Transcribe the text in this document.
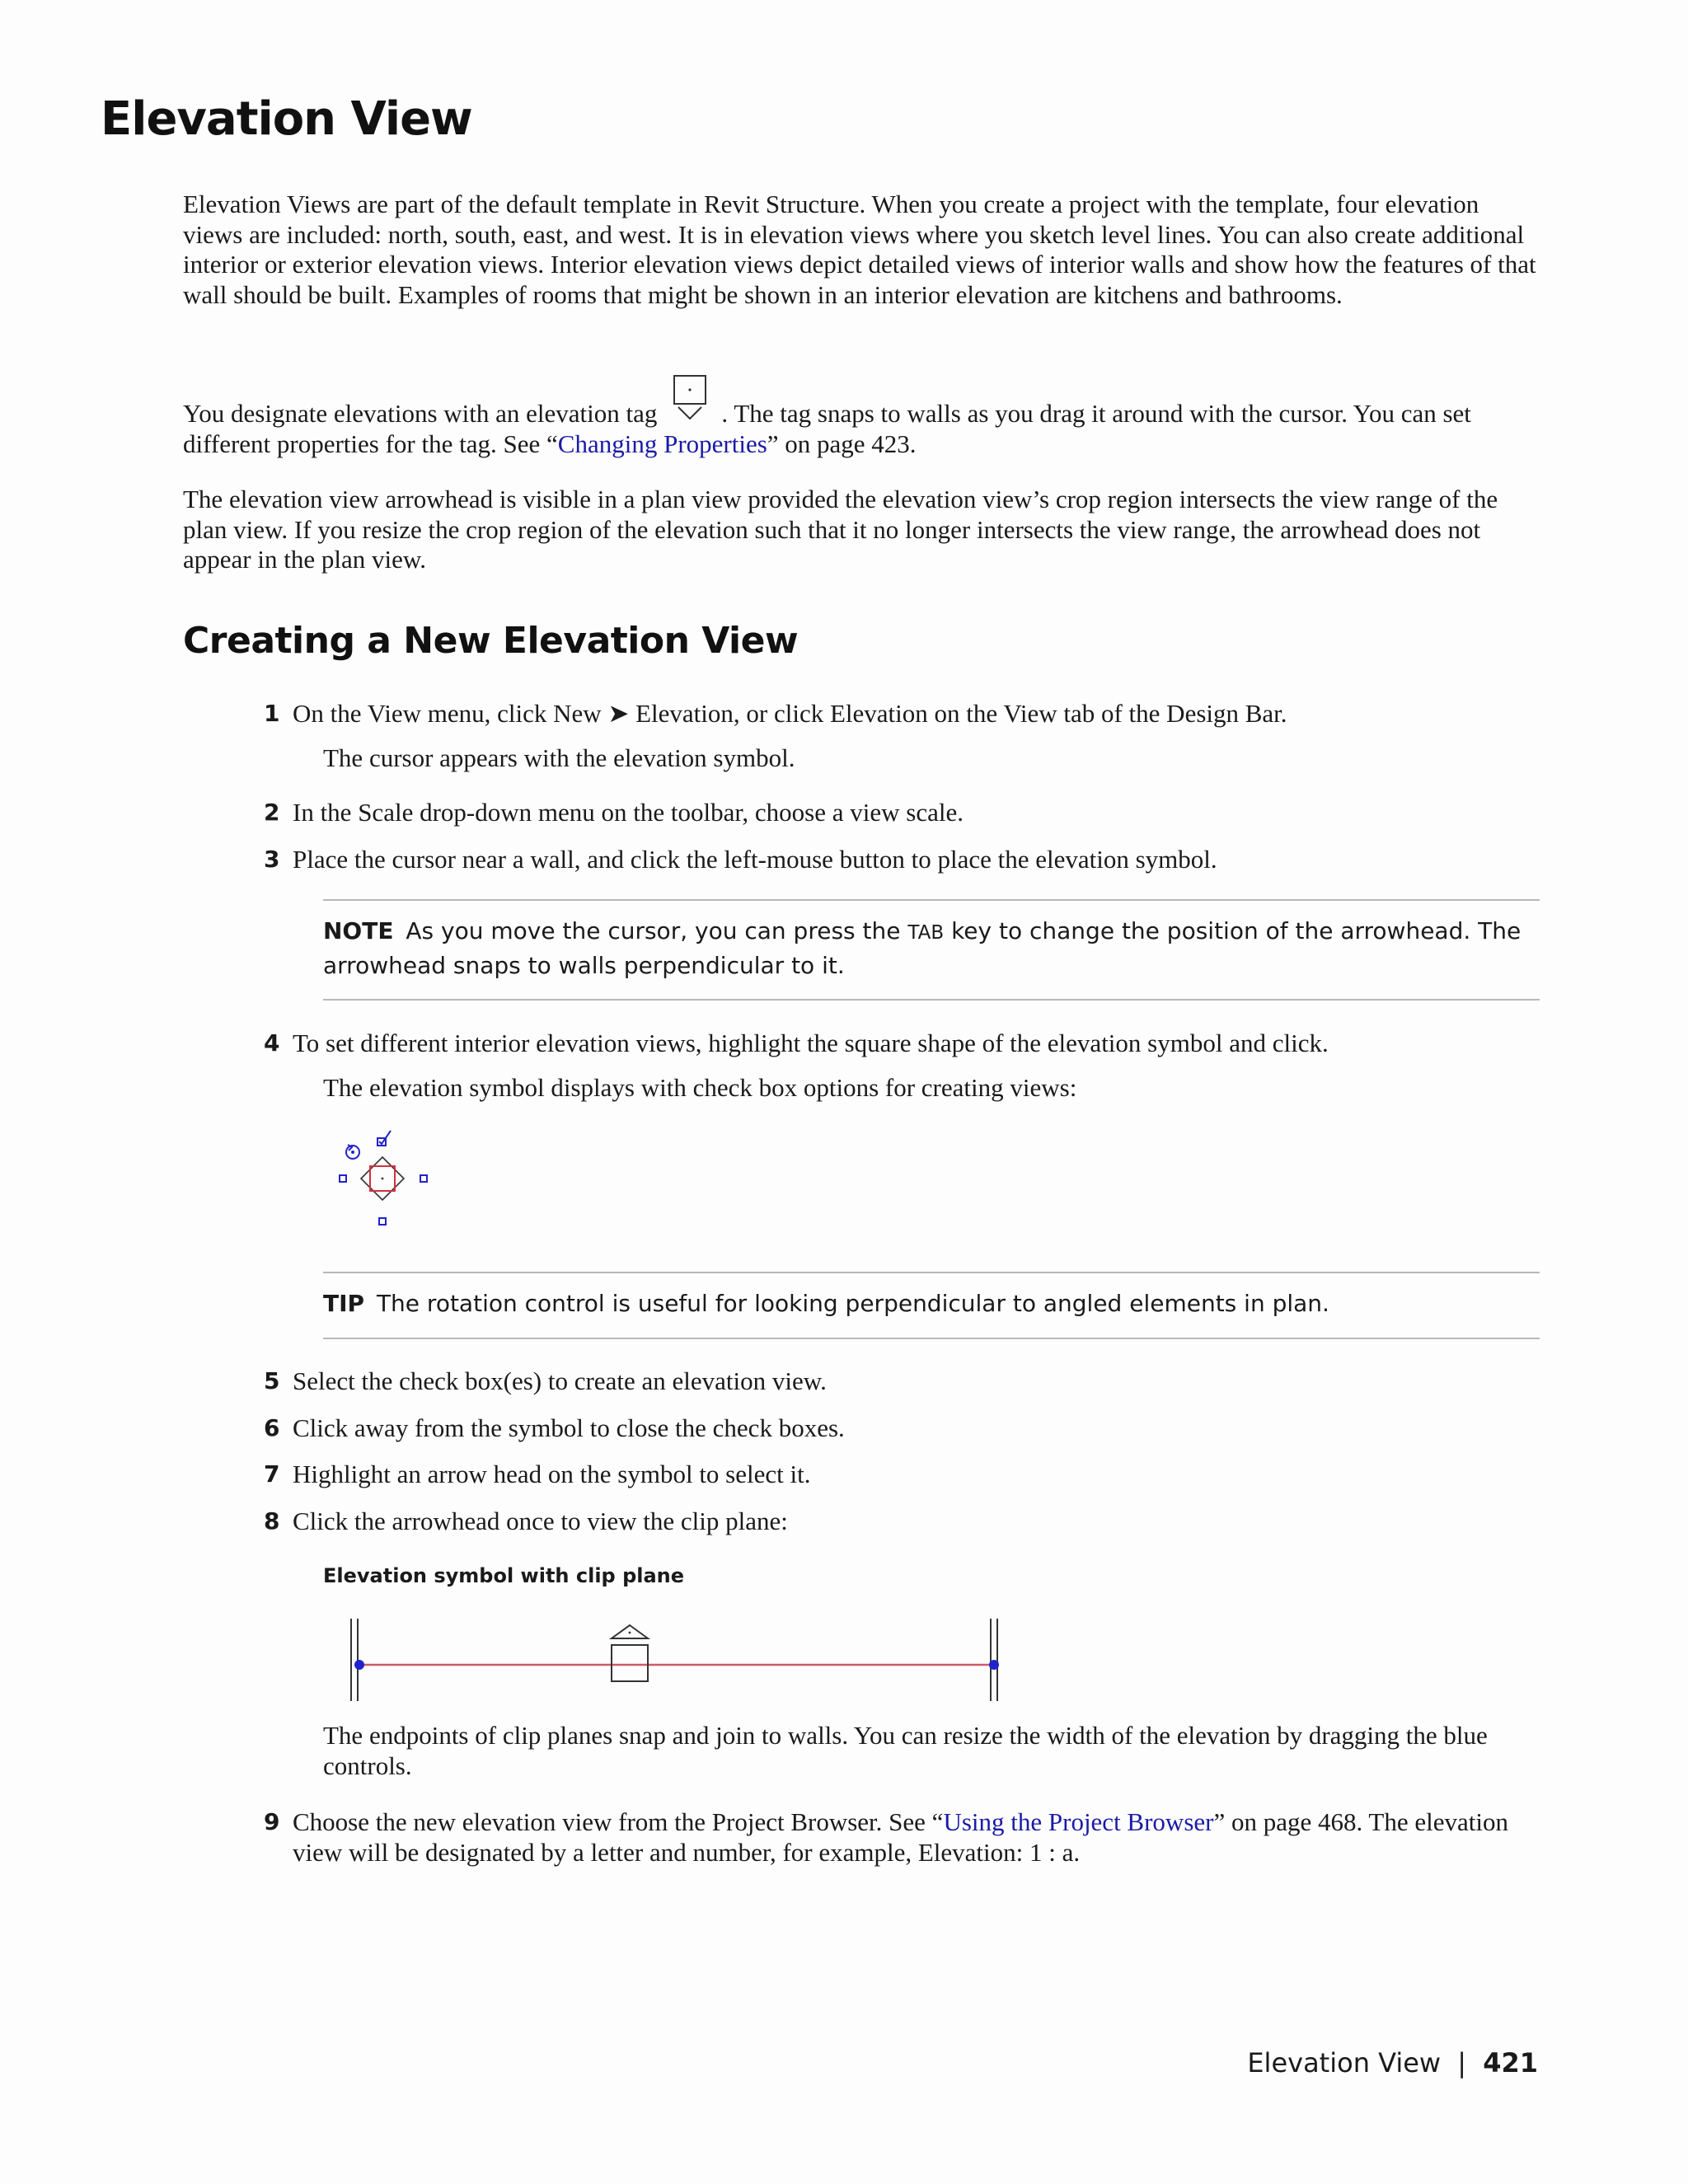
Elevation View

Elevation Views are part of the default template in Revit Structure. When you create a project with the template, four elevation views are included: north, south, east, and west. It is in elevation views where you sketch level lines. You can also create additional interior or exterior elevation views. Interior elevation views depict detailed views of interior walls and show how the features of that wall should be built. Examples of rooms that might be shown in an interior elevation are kitchens and bathrooms.

You designate elevations with an elevation tag	. The tag snaps to walls as you drag it around with the cursor. You can set different properties for the tag. See “Changing Properties” on page 423.

The elevation view arrowhead is visible in a plan view provided the elevation view’s crop region intersects the view range of the plan view. If you resize the crop region of the elevation such that it no longer intersects the view range, the arrowhead does not appear in the plan view.

Creating a New Elevation View
1 On the View menu, click New ➤ Elevation, or click Elevation on the View tab of the Design Bar.

The cursor appears with the elevation symbol.

2 In the Scale drop-down menu on the toolbar, choose a view scale.
3 Place the cursor near a wall, and click the left-mouse button to place the elevation symbol.

NOTE As you move the cursor, you can press the TAB key to change the position of the arrowhead. The arrowhead snaps to walls perpendicular to it.

4 To set different interior elevation views, highlight the square shape of the elevation symbol and click.

The elevation symbol displays with check box options for creating views:

TIP The rotation control is useful for looking perpendicular to angled elements in plan.

5 Select the check box(es) to create an elevation view.
6 Click away from the symbol to close the check boxes.
7 Highlight an arrow head on the symbol to select it.
8 Click the arrowhead once to view the clip plane:
Elevation symbol with clip plane

The endpoints of clip planes snap and join to walls. You can resize the width of the elevation by dragging the blue controls.

9 Choose the new elevation view from the Project Browser. See “Using the Project Browser” on page 468. The elevation view will be designated by a letter and number, for example, Elevation: 1 : a.
Elevation View | 421
